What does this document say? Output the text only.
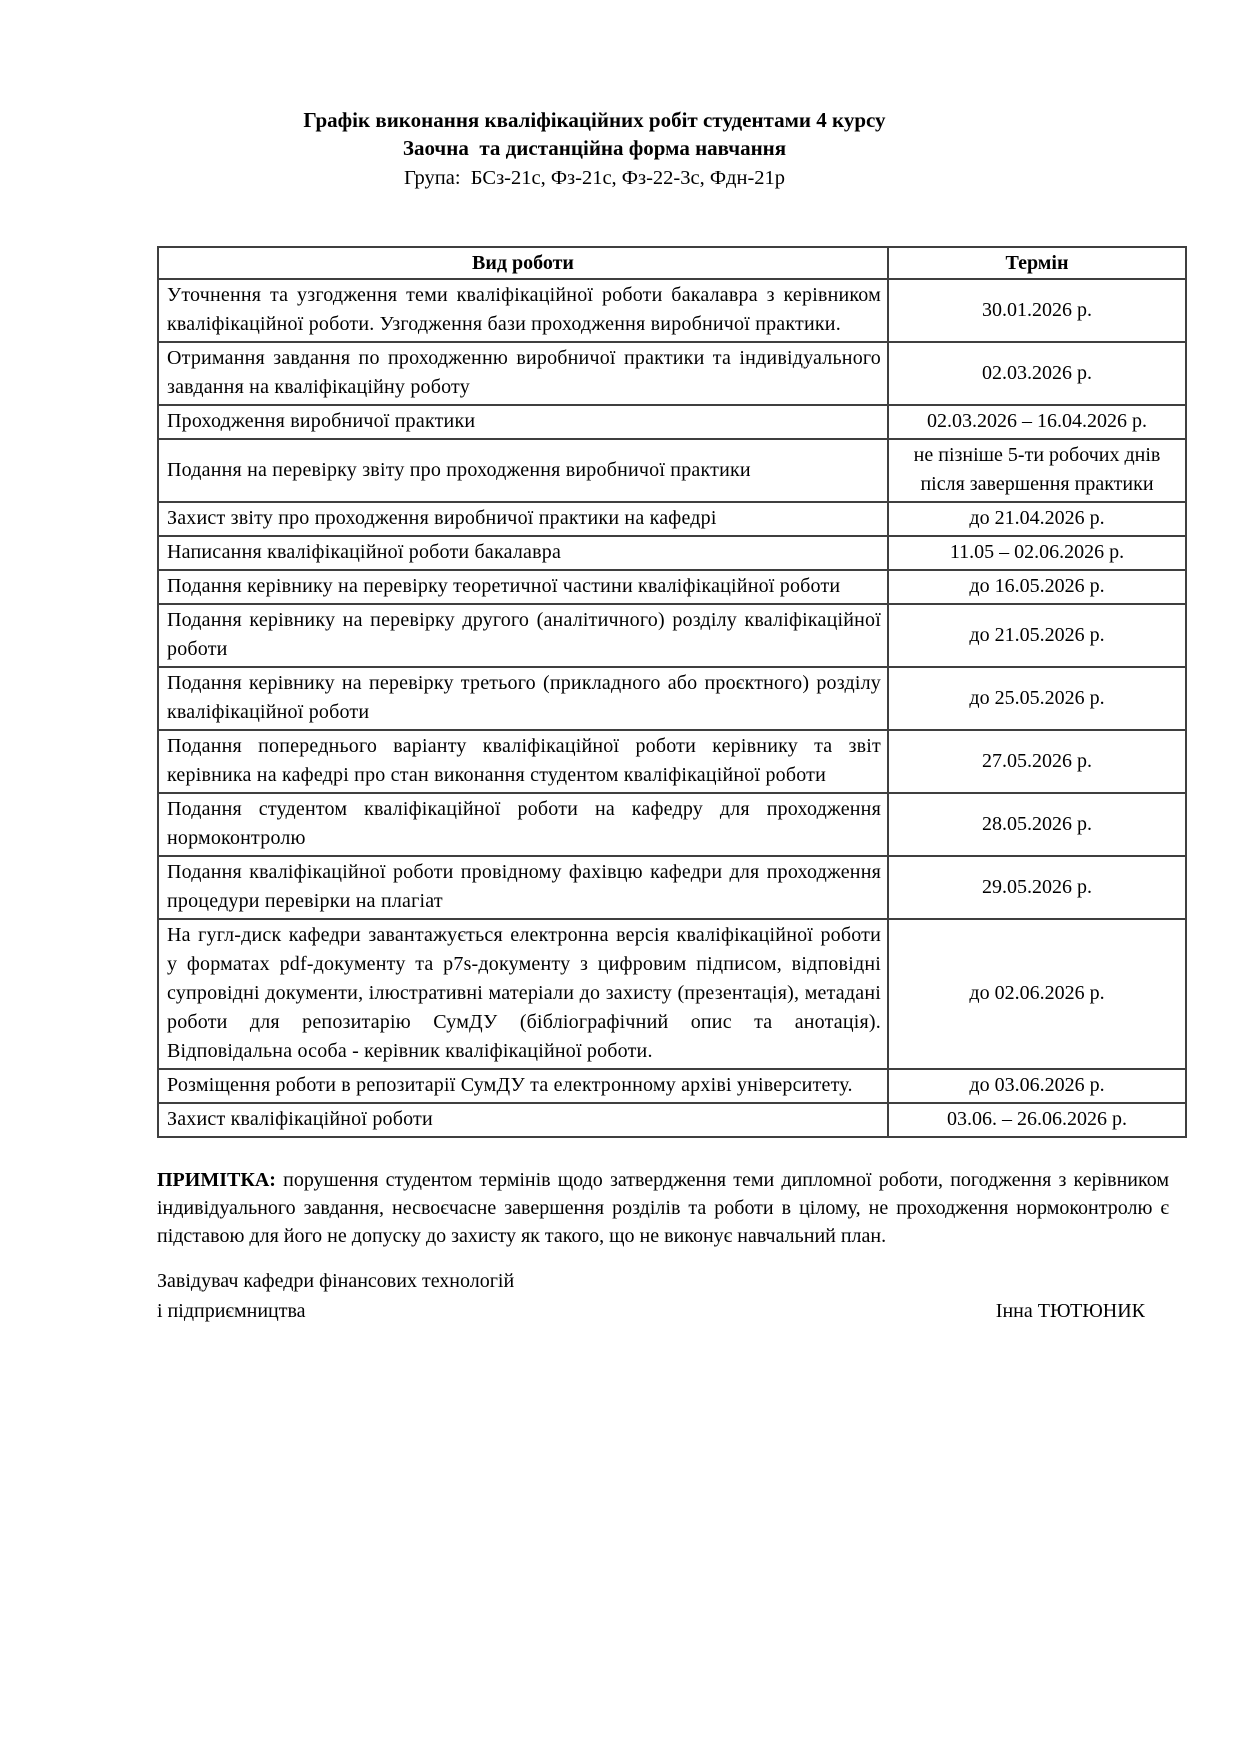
Графік виконання кваліфікаційних робіт студентами 4 курсу
Заочна  та дистанційна форма навчання
Група:  БСз-21с, Фз-21с, Фз-22-3с, Фдн-21р
Вид роботи	Термін
Уточнення та узгодження теми кваліфікаційної роботи бакалавра з керівником кваліфікаційної роботи. Узгодження бази проходження виробничої практики.	30.01.2026 р.
Отримання завдання по проходженню виробничої практики та індивідуального завдання на кваліфікаційну роботу	02.03.2026 р.
Проходження виробничої практики	02.03.2026 – 16.04.2026 р.
Подання на перевірку звіту про проходження виробничої практики	не пізніше 5-ти робочих днів після завершення практики
Захист звіту про проходження виробничої практики на кафедрі	до 21.04.2026 р.
Написання кваліфікаційної роботи бакалавра	11.05 – 02.06.2026 р.
Подання керівнику на перевірку теоретичної частини кваліфікаційної роботи	до 16.05.2026 р.
Подання керівнику на перевірку другого (аналітичного) розділу кваліфікаційної роботи	до 21.05.2026 р.
Подання керівнику на перевірку третього (прикладного або проєктного) розділу кваліфікаційної роботи	до 25.05.2026 р.
Подання попереднього варіанту кваліфікаційної роботи керівнику та звіт керівника на кафедрі про стан виконання студентом кваліфікаційної роботи	27.05.2026 р.
Подання студентом кваліфікаційної роботи на кафедру для проходження нормоконтролю	28.05.2026 р.
Подання кваліфікаційної роботи провідному фахівцю кафедри для проходження процедури перевірки на плагіат	29.05.2026 р.
На гугл-диск кафедри завантажується електронна версія кваліфікаційної роботи у форматах pdf-документу та p7s-документу з цифровим підписом, відповідні супровідні документи, ілюстративні матеріали до захисту (презентація), метадані роботи для репозитарію СумДУ (бібліографічний опис та анотація). Відповідальна особа - керівник кваліфікаційної роботи.	до 02.06.2026 р.
Розміщення роботи в репозитарії СумДУ та електронному архіві університету.	до 03.06.2026 р.
Захист кваліфікаційної роботи	03.06. – 26.06.2026 р.
ПРИМІТКА: порушення студентом термінів щодо затвердження теми дипломної роботи, погодження з керівником індивідуального завдання, несвоєчасне завершення розділів та роботи в цілому, не проходження нормоконтролю є підставою для його не допуску до захисту як такого, що не виконує навчальний план.
Завідувач кафедри фінансових технологій
і підприємництва	Інна ТЮТЮНИК
